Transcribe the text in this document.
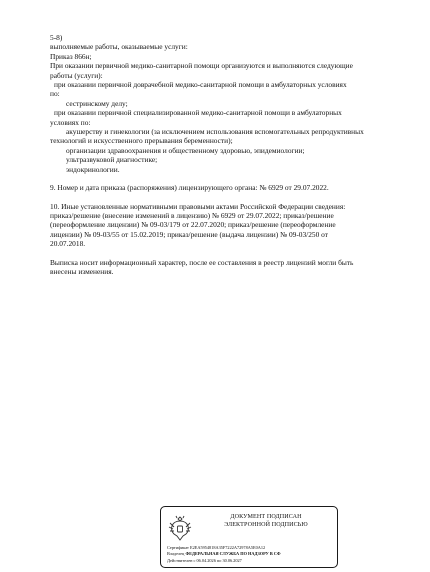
5-8)
выполняемые работы, оказываемые услуги:
Приказ 866н;
При оказании первичной медико-санитарной помощи организуются и выполняются следующие
работы (услуги):
при оказании первичной доврачебной медико-санитарной помощи в амбулаторных условиях
по:
сестринскому делу;
при оказании первичной специализированной медико-санитарной помощи в амбулаторных
условиях по:
акушерству и гинекологии (за исключением использования вспомогательных репродуктивных
технологий и искусственного прерывания беременности);
организации здравоохранения и общественному здоровью, эпидемиологии;
ультразвуковой диагностике;
эндокринологии.
9. Номер и дата приказа (распоряжения) лицензирующего органа: № 6929 от 29.07.2022.
10. Иные установленные нормативными правовыми актами Российской Федерации сведения:
приказ/решение (внесение изменений в лицензию) № 6929 от 29.07.2022; приказ/решение
(переоформление лицензии) № 09-03/179 от 22.07.2020; приказ/решение (переоформление
лицензии) № 09-03/55 от 15.02.2019; приказ/решение (выдача лицензии) № 09-03/250 от
20.07.2018.
Выписка носит информационный характер, после ее составления в реестр лицензий могли быть
внесены изменения.
ДОКУМЕНТ ПОДПИСАН
ЭЛЕКТРОННОЙ ПОДПИСЬЮ
Сертификат E2EA5954818A35F7222A72978A5E0A12
Владелец ФЕДЕРАЛЬНАЯ СЛУЖБА ПО НАДЗОРУ В СФ
Действителен с 06.04.2026 по 30.06.2027
